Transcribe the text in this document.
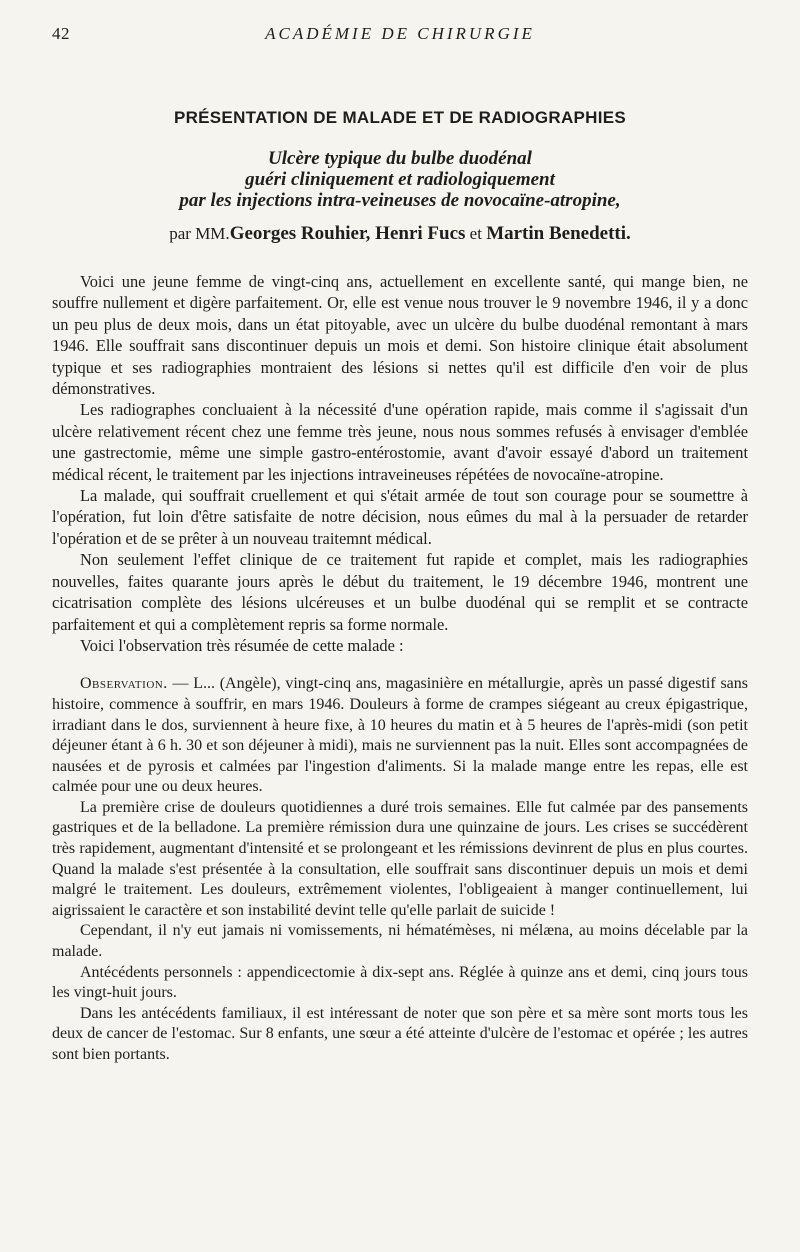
42	ACADÉMIE DE CHIRURGIE
PRÉSENTATION DE MALADE ET DE RADIOGRAPHIES
Ulcère typique du bulbe duodénal
guéri cliniquement et radiologiquement
par les injections intra-veineuses de novocaïne-atropine,
par MM.Georges Rouhier, Henri Fucs et Martin Benedetti.

Voici une jeune femme de vingt-cinq ans, actuellement en excellente santé, qui mange bien, ne souffre nullement et digère parfaitement. Or, elle est venue nous trouver le 9 novembre 1946, il y a donc un peu plus de deux mois, dans un état pitoyable, avec un ulcère du bulbe duodénal remontant à mars 1946. Elle souffrait sans discontinuer depuis un mois et demi. Son histoire clinique était absolument typique et ses radiographies montraient des lésions si nettes qu'il est difficile d'en voir de plus démonstratives.

Les radiographes concluaient à la nécessité d'une opération rapide, mais comme il s'agissait d'un ulcère relativement récent chez une femme très jeune, nous nous sommes refusés à envisager d'emblée une gastrectomie, même une simple gastro-entérostomie, avant d'avoir essayé d'abord un traitement médical récent, le traitement par les injections intraveineuses répétées de novocaïne-atropine.

La malade, qui souffrait cruellement et qui s'était armée de tout son courage pour se soumettre à l'opération, fut loin d'être satisfaite de notre décision, nous eûmes du mal à la persuader de retarder l'opération et de se prêter à un nouveau traitemnt médical.

Non seulement l'effet clinique de ce traitement fut rapide et complet, mais les radiographies nouvelles, faites quarante jours après le début du traitement, le 19 décembre 1946, montrent une cicatrisation complète des lésions ulcéreuses et un bulbe duodénal qui se remplit et se contracte parfaitement et qui a complètement repris sa forme normale.

Voici l'observation très résumée de cette malade :

Observation. — L... (Angèle), vingt-cinq ans, magasinière en métallurgie, après un passé digestif sans histoire, commence à souffrir, en mars 1946. Douleurs à forme de crampes siégeant au creux épigastrique, irradiant dans le dos, surviennent à heure fixe, à 10 heures du matin et à 5 heures de l'après-midi (son petit déjeuner étant à 6 h. 30 et son déjeuner à midi), mais ne surviennent pas la nuit. Elles sont accompagnées de nausées et de pyrosis et calmées par l'ingestion d'aliments. Si la malade mange entre les repas, elle est calmée pour une ou deux heures.

La première crise de douleurs quotidiennes a duré trois semaines. Elle fut calmée par des pansements gastriques et de la belladone. La première rémission dura une quinzaine de jours. Les crises se succédèrent très rapidement, augmentant d'intensité et se prolongeant et les rémissions devinrent de plus en plus courtes. Quand la malade s'est présentée à la consultation, elle souffrait sans discontinuer depuis un mois et demi malgré le traitement. Les douleurs, extrêmement violentes, l'obligeaient à manger continuellement, lui aigrissaient le caractère et son instabilité devint telle qu'elle parlait de suicide !

Cependant, il n'y eut jamais ni vomissements, ni hématémèses, ni mélæna, au moins décelable par la malade.

Antécédents personnels : appendicectomie à dix-sept ans. Réglée à quinze ans et demi, cinq jours tous les vingt-huit jours.

Dans les antécédents familiaux, il est intéressant de noter que son père et sa mère sont morts tous les deux de cancer de l'estomac. Sur 8 enfants, une sœur a été atteinte d'ulcère de l'estomac et opérée ; les autres sont bien portants.
